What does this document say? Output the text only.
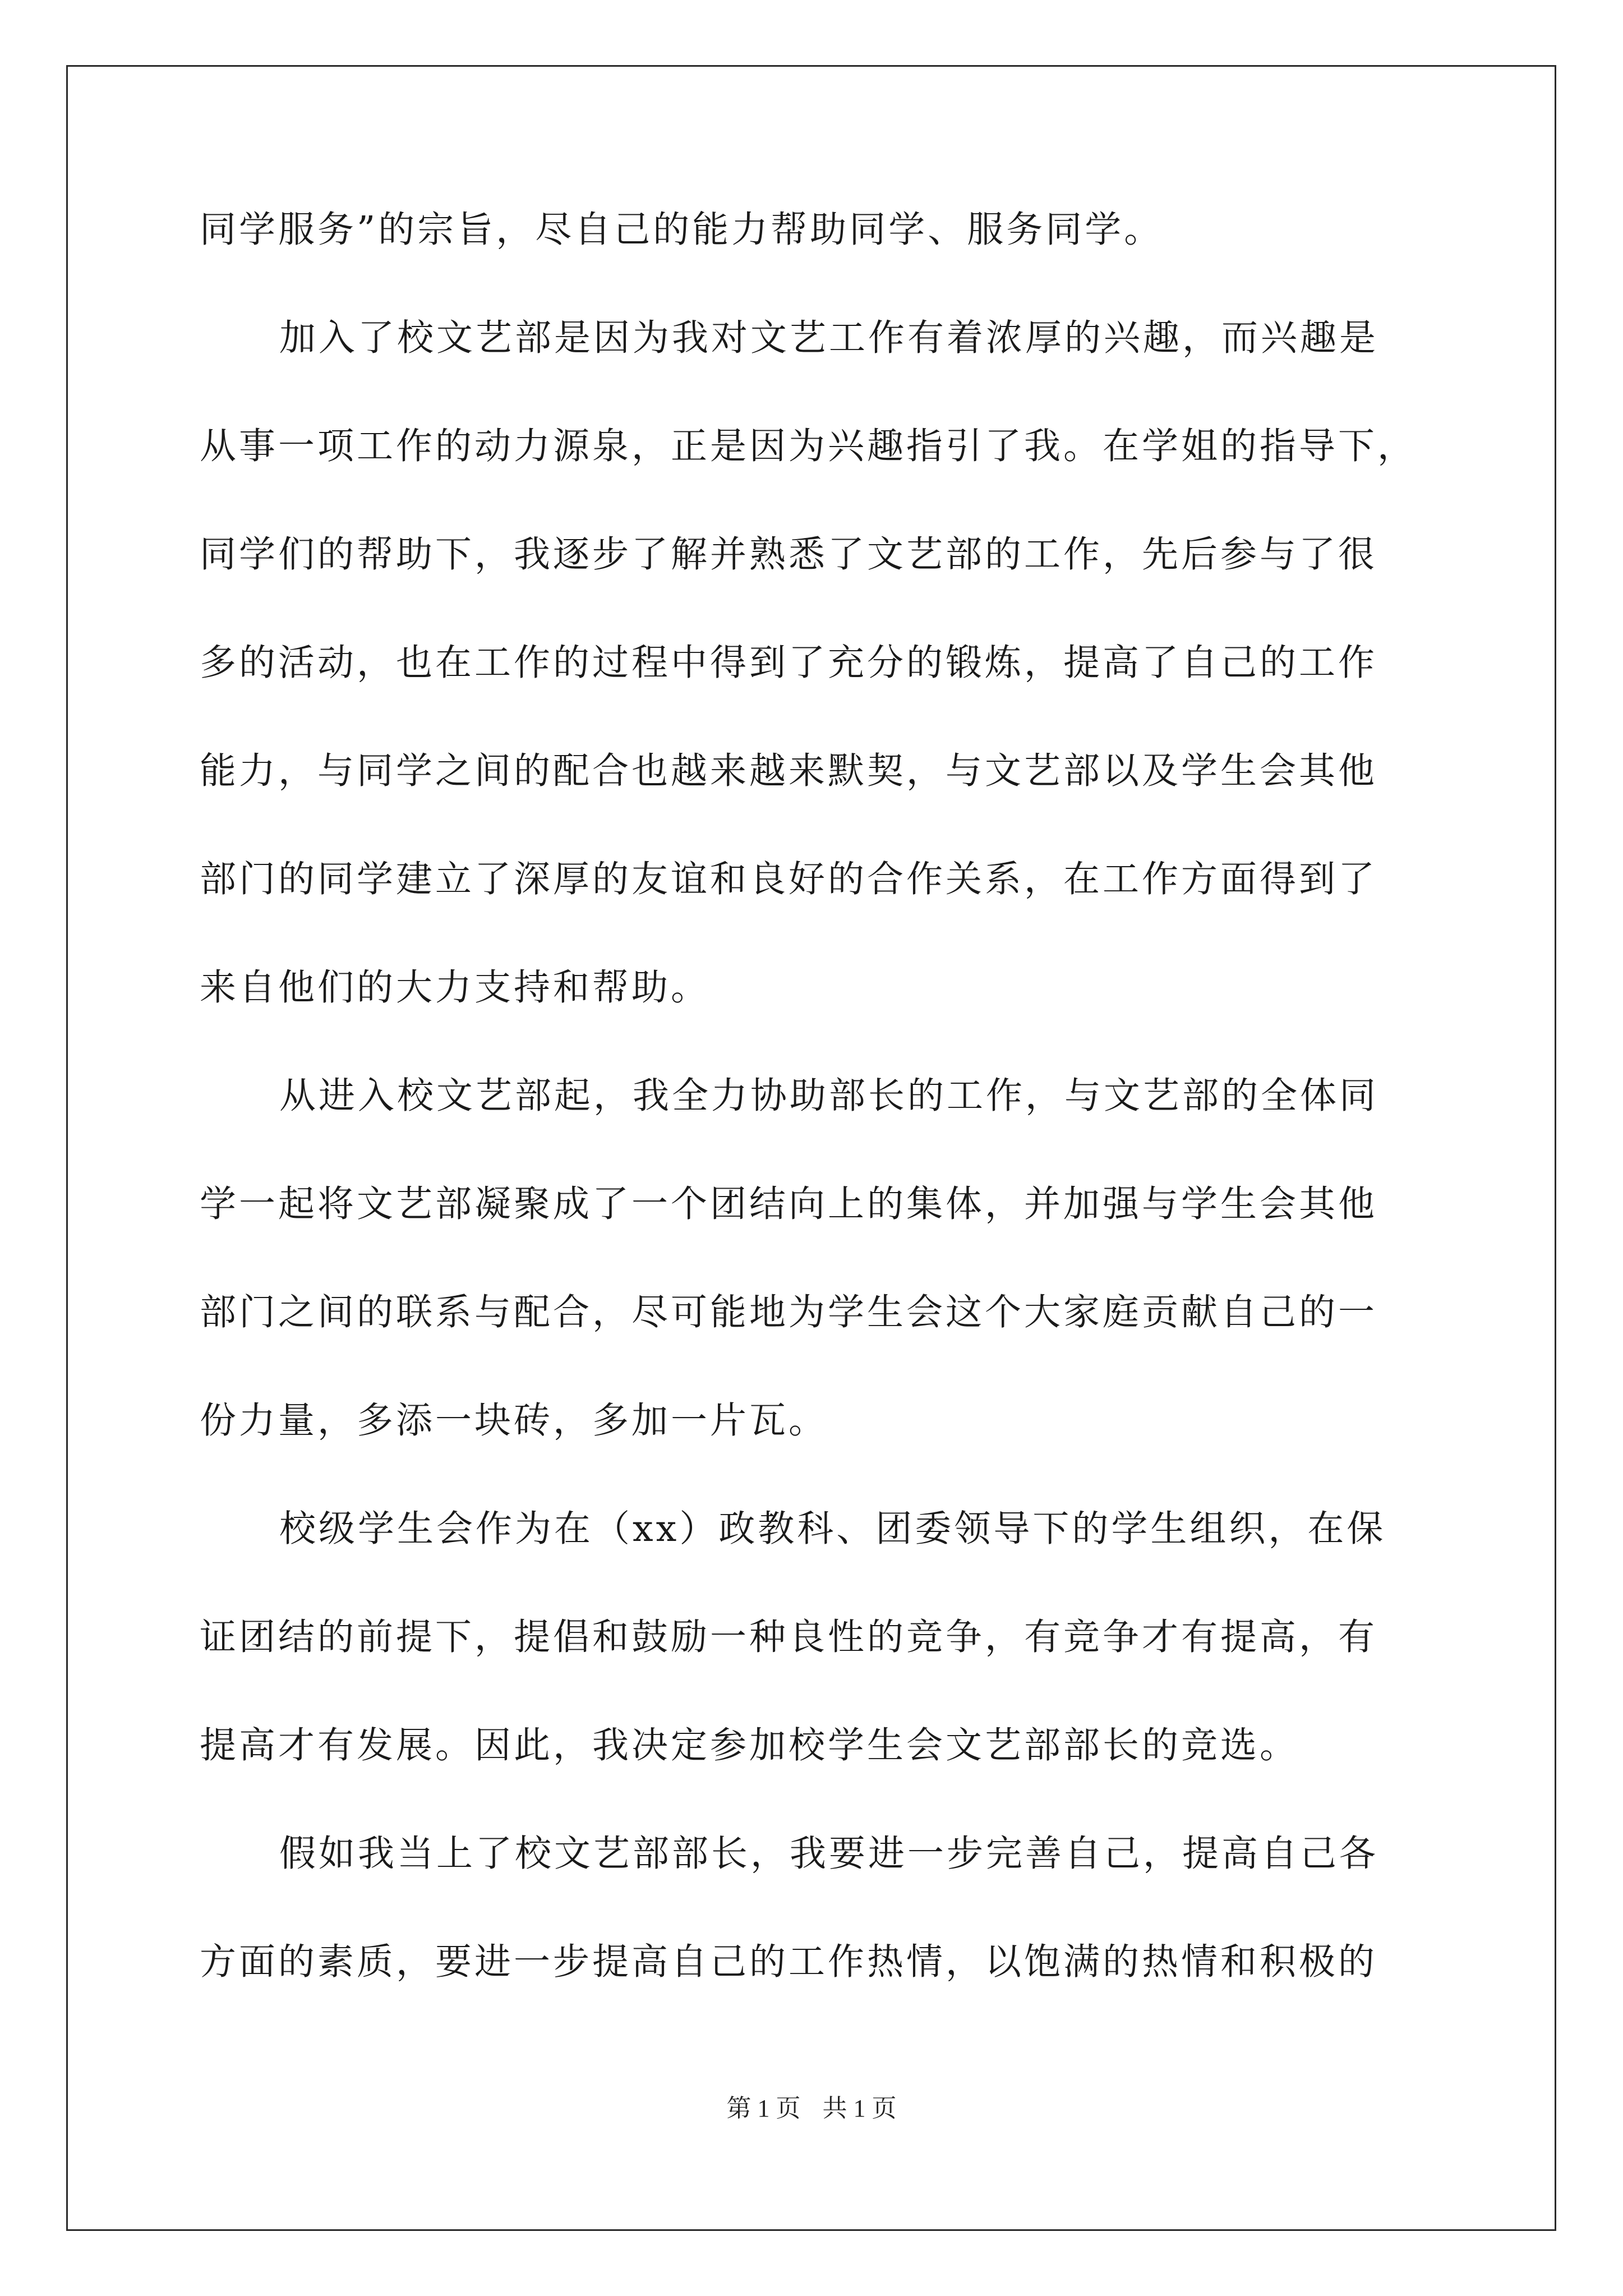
同学服务”的宗旨，尽自己的能力帮助同学、服务同学。
加入了校文艺部是因为我对文艺工作有着浓厚的兴趣，而兴趣是
从事一项工作的动力源泉，正是因为兴趣指引了我。在学姐的指导下，
同学们的帮助下，我逐步了解并熟悉了文艺部的工作，先后参与了很
多的活动，也在工作的过程中得到了充分的锻炼，提高了自己的工作
能力，与同学之间的配合也越来越来默契，与文艺部以及学生会其他
部门的同学建立了深厚的友谊和良好的合作关系，在工作方面得到了
来自他们的大力支持和帮助。
从进入校文艺部起，我全力协助部长的工作，与文艺部的全体同
学一起将文艺部凝聚成了一个团结向上的集体，并加强与学生会其他
部门之间的联系与配合，尽可能地为学生会这个大家庭贡献自己的一
份力量，多添一块砖，多加一片瓦。
校级学生会作为在（xx）政教科、团委领导下的学生组织，在保
证团结的前提下，提倡和鼓励一种良性的竞争，有竞争才有提高，有
提高才有发展。因此，我决定参加校学生会文艺部部长的竞选。
假如我当上了校文艺部部长，我要进一步完善自己，提高自己各
方面的素质，要进一步提高自己的工作热情，以饱满的热情和积极的
第 1 页 共 1 页
